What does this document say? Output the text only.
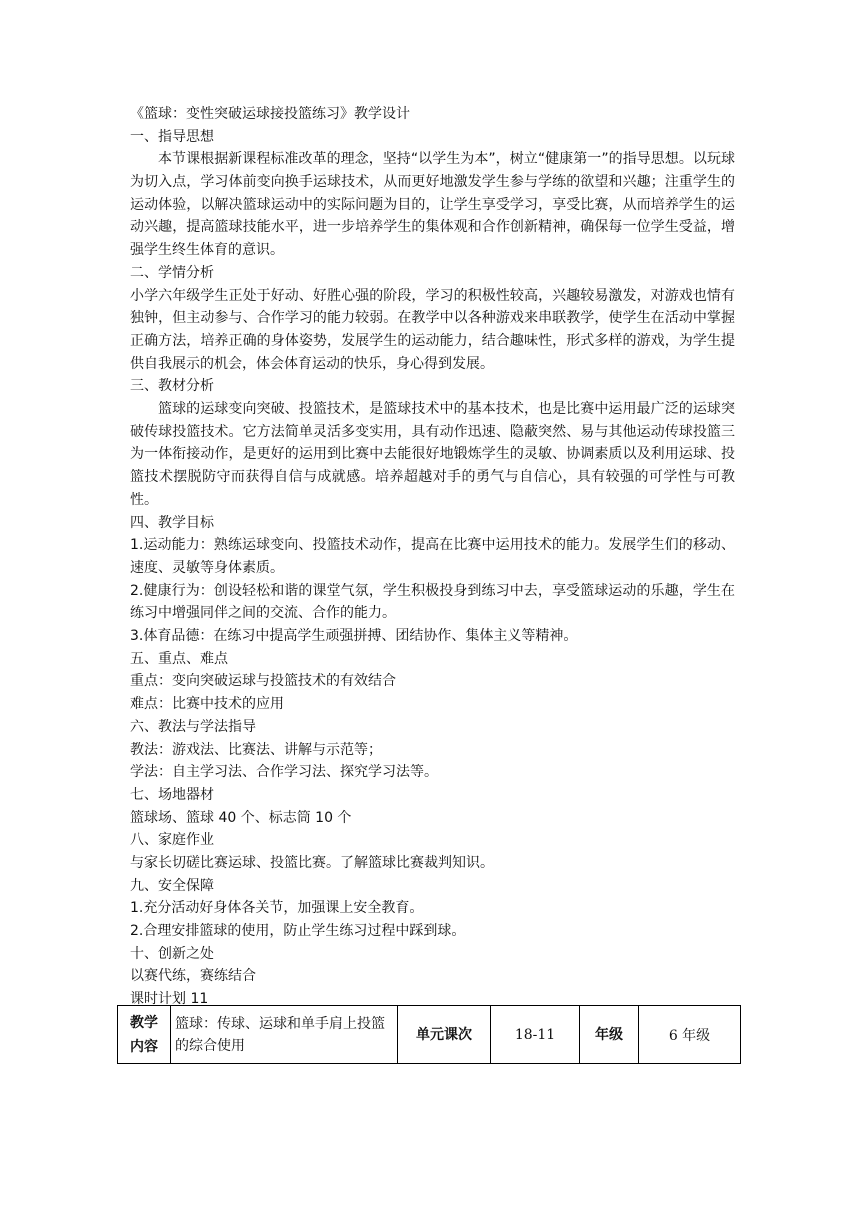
《篮球：变性突破运球接投篮练习》教学设计
一、指导思想
本节课根据新课程标准改革的理念，坚持“以学生为本”，树立“健康第一”的指导思想。以玩球为切入点，学习体前变向换手运球技术，从而更好地激发学生参与学练的欲望和兴趣；注重学生的运动体验，以解决篮球运动中的实际问题为目的，让学生享受学习，享受比赛，从而培养学生的运动兴趣，提高篮球技能水平，进一步培养学生的集体观和合作创新精神，确保每一位学生受益，增强学生终生体育的意识。
二、学情分析
小学六年级学生正处于好动、好胜心强的阶段，学习的积极性较高，兴趣较易激发，对游戏也情有独钟，但主动参与、合作学习的能力较弱。在教学中以各种游戏来串联教学，使学生在活动中掌握正确方法，培养正确的身体姿势，发展学生的运动能力，结合趣味性，形式多样的游戏，为学生提供自我展示的机会，体会体育运动的快乐，身心得到发展。
三、教材分析
篮球的运球变向突破、投篮技术，是篮球技术中的基本技术，也是比赛中运用最广泛的运球突破传球投篮技术。它方法简单灵活多变实用，具有动作迅速、隐蔽突然、易与其他运动传球投篮三为一体衔接动作，是更好的运用到比赛中去能很好地锻炼学生的灵敏、协调素质以及利用运球、投篮技术摆脱防守而获得自信与成就感。培养超越对手的勇气与自信心，具有较强的可学性与可教性。
四、教学目标
1.运动能力：熟练运球变向、投篮技术动作，提高在比赛中运用技术的能力。发展学生们的移动、速度、灵敏等身体素质。
2.健康行为：创设轻松和谐的课堂气氛，学生积极投身到练习中去，享受篮球运动的乐趣，学生在练习中增强同伴之间的交流、合作的能力。
3.体育品德：在练习中提高学生顽强拼搏、团结协作、集体主义等精神。
五、重点、难点
重点：变向突破运球与投篮技术的有效结合
难点：比赛中技术的应用
六、教法与学法指导
教法：游戏法、比赛法、讲解与示范等；
学法：自主学习法、合作学习法、探究学习法等。
七、场地器材
篮球场、篮球 40 个、标志筒 10 个
八、家庭作业
与家长切磋比赛运球、投篮比赛。了解篮球比赛裁判知识。
九、安全保障
1.充分活动好身体各关节，加强课上安全教育。
2.合理安排篮球的使用，防止学生练习过程中踩到球。
十、创新之处
以赛代练，赛练结合
课时计划 11
教学
内容
	篮球：传球、运球和单手肩上投篮的综合使用	单元课次	18-11	年级	6 年级
